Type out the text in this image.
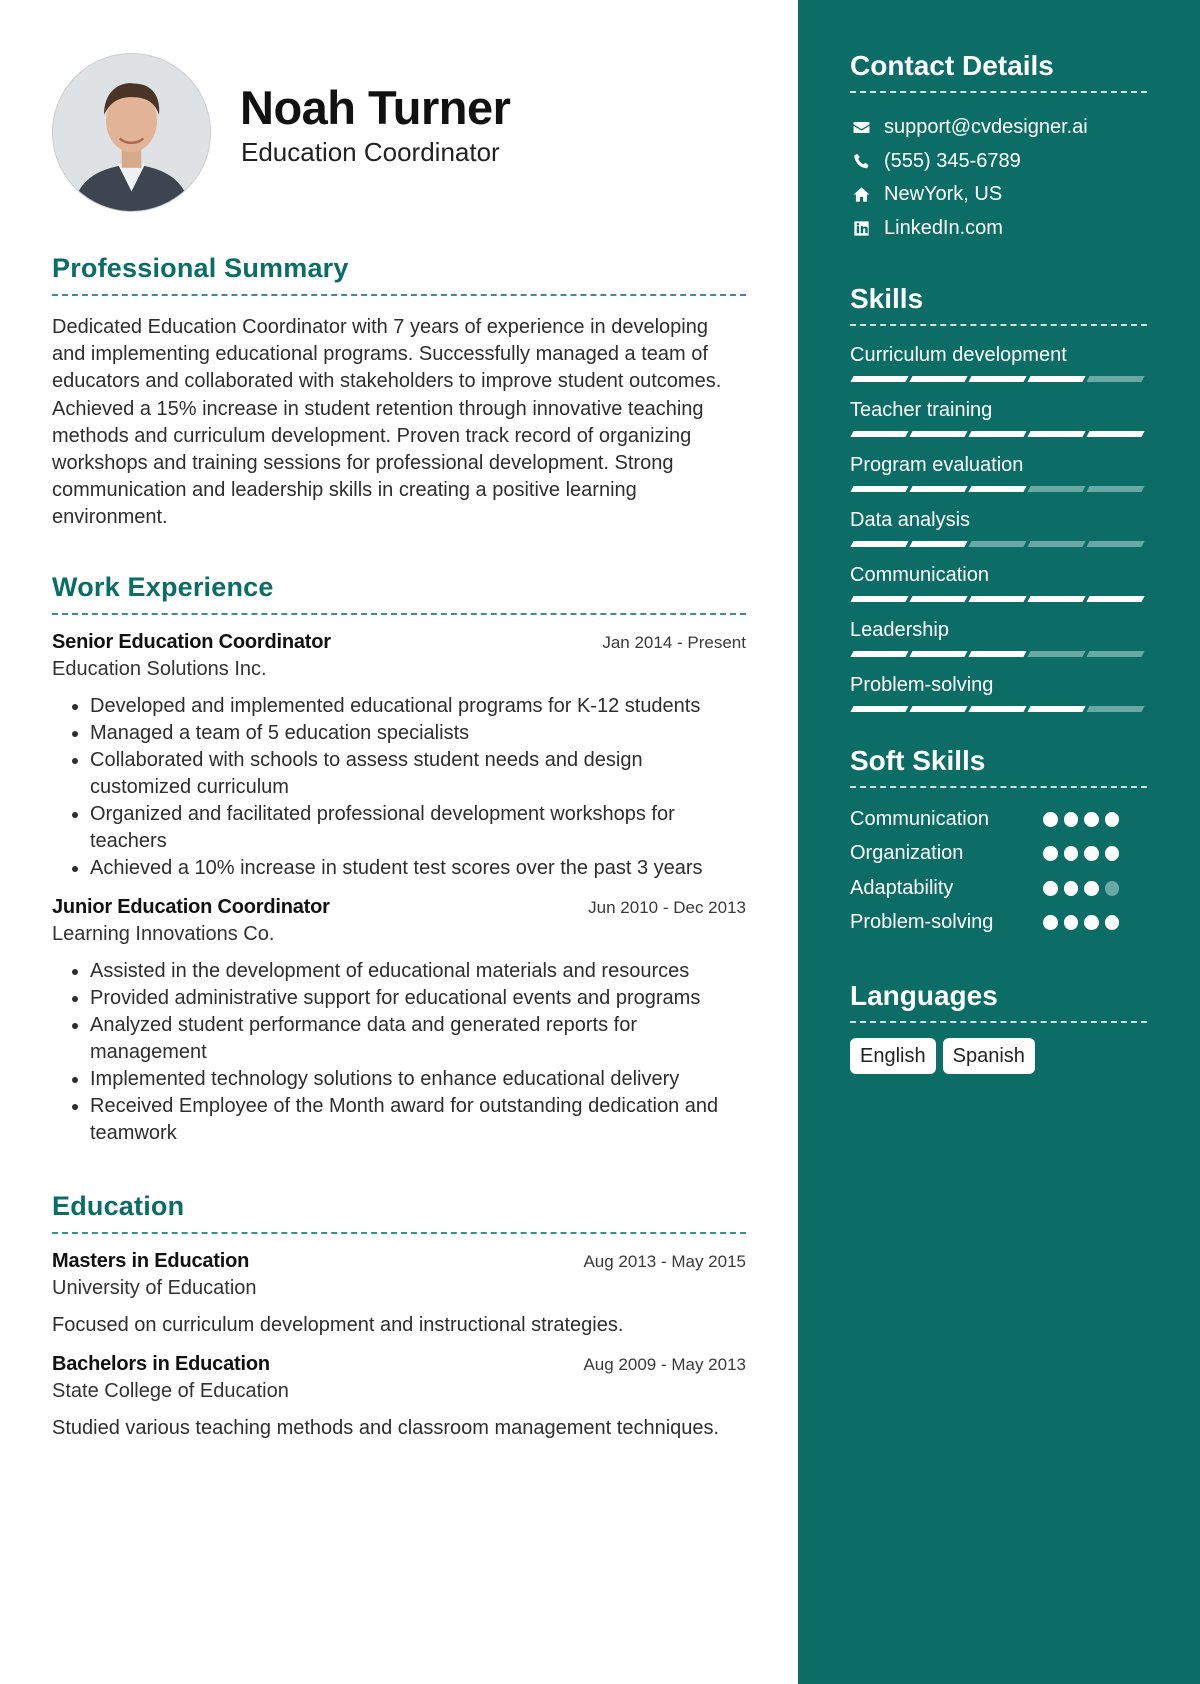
Noah Turner
Education Coordinator
Professional Summary

Dedicated Education Coordinator with 7 years of experience in developing and implementing educational programs. Successfully managed a team of educators and collaborated with stakeholders to improve student outcomes. Achieved a 15% increase in student retention through innovative teaching methods and curriculum development. Proven track record of organizing workshops and training sessions for professional development. Strong communication and leadership skills in creating a positive learning environment.

Work Experience
Senior Education Coordinator	Jan 2014 - Present
Education Solutions Inc.
• Developed and implemented educational programs for K-12 students
• Managed a team of 5 education specialists
• Collaborated with schools to assess student needs and design customized curriculum
• Organized and facilitated professional development workshops for teachers
• Achieved a 10% increase in student test scores over the past 3 years
Junior Education Coordinator	Jun 2010 - Dec 2013
Learning Innovations Co.
• Assisted in the development of educational materials and resources
• Provided administrative support for educational events and programs
• Analyzed student performance data and generated reports for management
• Implemented technology solutions to enhance educational delivery
• Received Employee of the Month award for outstanding dedication and teamwork
Education
Masters in Education	Aug 2013 - May 2015
University of Education
Focused on curriculum development and instructional strategies.
Bachelors in Education	Aug 2009 - May 2013
State College of Education
Studied various teaching methods and classroom management techniques.
Contact Details
support@cvdesigner.ai
(555) 345-6789
NewYork, US
LinkedIn.com
Skills
Curriculum development
Teacher training
Program evaluation
Data analysis
Communication
Leadership
Problem-solving
Soft Skills
Communication
Organization
Adaptability
Problem-solving
Languages
English	Spanish
